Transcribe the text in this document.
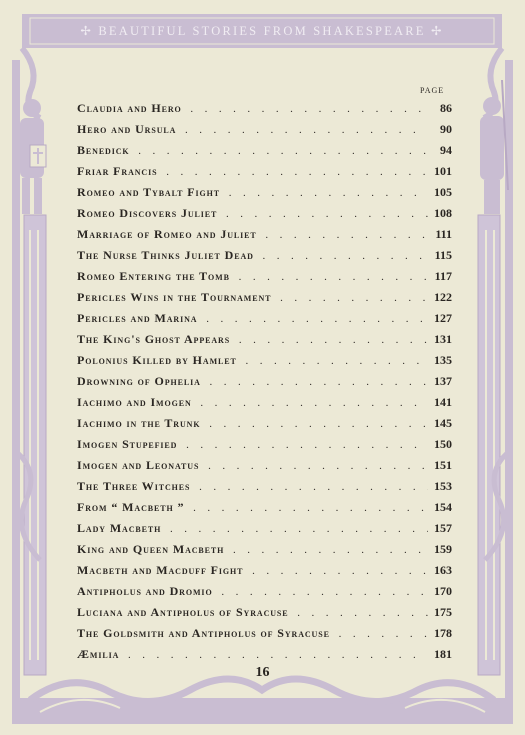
✢ BEAUTIFUL STORIES FROM SHAKESPEARE ✢
PAGE
Claudia and Hero . .	86
Hero and Ursula . .	90
Benedick . .	94
Friar Francis . .	101
Romeo and Tybalt Fight . .	105
Romeo Discovers Juliet . .	108
Marriage of Romeo and Juliet . .	111
The Nurse Thinks Juliet Dead . .	115
Romeo Entering the Tomb . .	117
Pericles Wins in the Tournament . .	122
Pericles and Marina . .	127
The King's Ghost Appears . .	131
Polonius Killed by Hamlet . .	135
Drowning of Ophelia . .	137
Iachimo and Imogen . .	141
Iachimo in the Trunk . .	145
Imogen Stupefied . .	150
Imogen and Leonatus . .	151
The Three Witches . .	153
From “ Macbeth ” . .	154
Lady Macbeth . .	157
King and Queen Macbeth . .	159
Macbeth and Macduff Fight . .	163
Antipholus and Dromio . .	170
Luciana and Antipholus of Syracuse . .	175
The Goldsmith and Antipholus of Syracuse . .	178
Æmilia . .	181
16
